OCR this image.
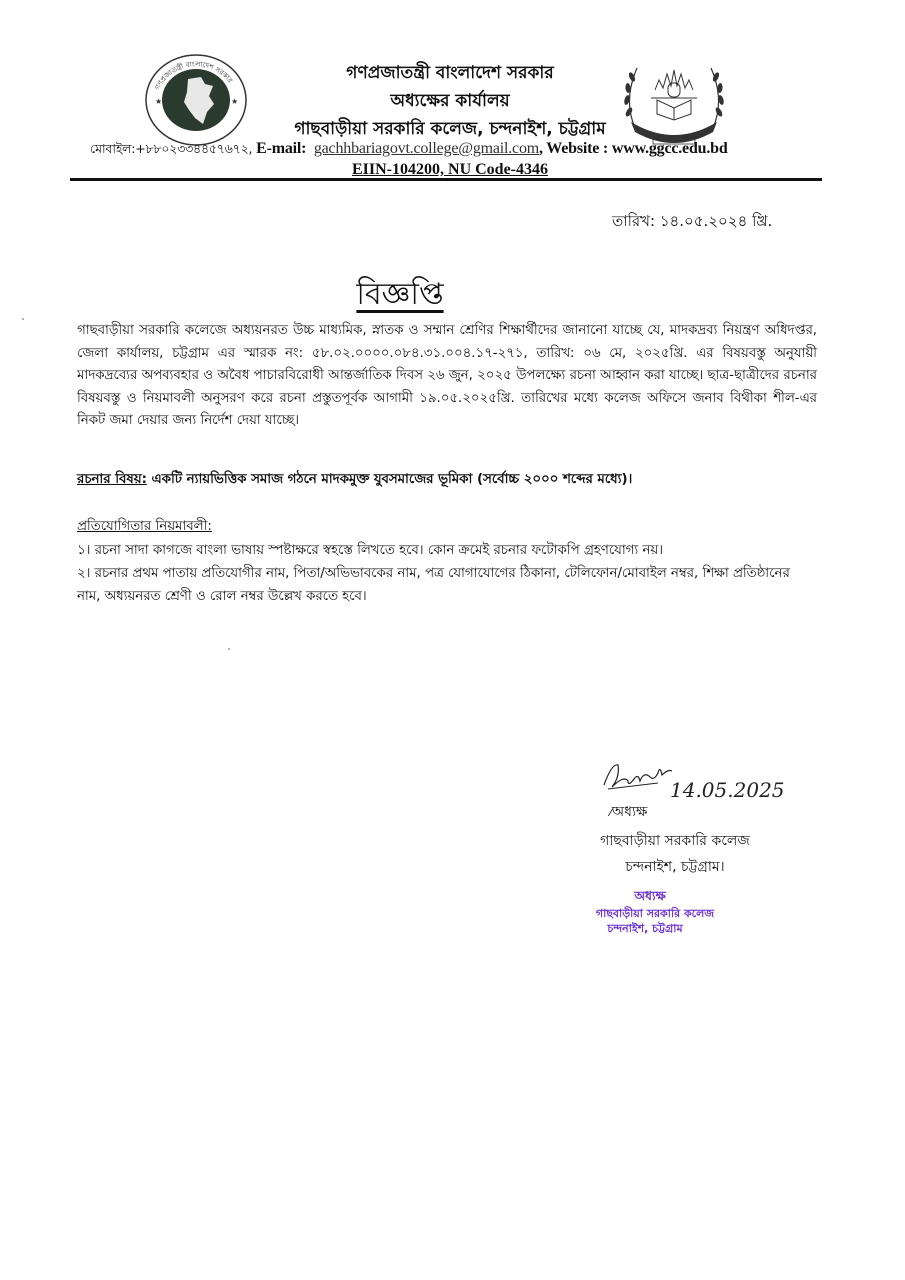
★	★
গণপ্রজাতন্ত্রী বাংলাদেশ সরকার	গণপ্রজাতন্ত্রী বাংলাদেশ সরকার
অধ্যক্ষের কার্যালয়
গাছবাড়ীয়া সরকারি কলেজ, চন্দনাইশ, চট্টগ্রাম
মোবাইল:+৮৮০২৩৩৪৪৫৭৬৭২, E-mail: gachhbariagovt.college@gmail.com, Website : www.ggcc.edu.bd
EIIN-104200, NU Code-4346
তারিখ: ১৪.০৫.২০২৪ খ্রি.
বিজ্ঞপ্তি
গাছবাড়ীয়া সরকারি কলেজে অধ্যয়নরত উচ্চ মাধ্যমিক, স্নাতক ও সম্মান শ্রেণির শিক্ষার্থীদের জানানো যাচ্ছে যে, মাদকদ্রব্য নিয়ন্ত্রণ অধিদপ্তর, জেলা কার্যালয়, চট্টগ্রাম এর স্মারক নং: ৫৮.০২.০০০০.০৮৪.৩১.০০৪.১৭-২৭১, তারিখ: ০৬ মে, ২০২৫খ্রি. এর বিষয়বস্তু অনুযায়ী মাদকদ্রব্যের অপব্যবহার ও অবৈধ পাচারবিরোধী আন্তর্জাতিক দিবস ২৬ জুন, ২০২৫ উপলক্ষ্যে রচনা আহ্বান করা যাচ্ছে। ছাত্র-ছাত্রীদের রচনার বিষয়বস্তু ও নিয়মাবলী অনুসরণ করে রচনা প্রস্তুতপূর্বক আগামী ১৯.০৫.২০২৫খ্রি. তারিখের মধ্যে কলেজ অফিসে জনাব বিথীকা শীল-এর নিকট জমা দেয়ার জন্য নির্দেশ দেয়া যাচ্ছে।
রচনার বিষয়: একটি ন্যায়ভিত্তিক সমাজ গঠনে মাদকমুক্ত যুবসমাজের ভূমিকা (সর্বোচ্চ ২০০০ শব্দের মধ্যে)।
প্রতিযোগিতার নিয়মাবলী:
১। রচনা সাদা কাগজে বাংলা ভাষায় স্পষ্টাক্ষরে স্বহস্তে লিখতে হবে। কোন ক্রমেই রচনার ফটোকপি গ্রহণযোগ্য নয়।
২। রচনার প্রথম পাতায় প্রতিযোগীর নাম, পিতা/অভিভাবকের নাম, পত্র যোগাযোগের ঠিকানা, টেলিফোন/মোবাইল নম্বর, শিক্ষা প্রতিষ্ঠানের নাম, অধ্যয়নরত শ্রেণী ও রোল নম্বর উল্লেখ করতে হবে।
14.05.2025
⁄অধ্যক্ষ
গাছবাড়ীয়া সরকারি কলেজ
চন্দনাইশ, চট্টগ্রাম।
অধ্যক্ষ
গাছবাড়ীয়া সরকারি কলেজ
চন্দনাইশ, চট্টগ্রাম
